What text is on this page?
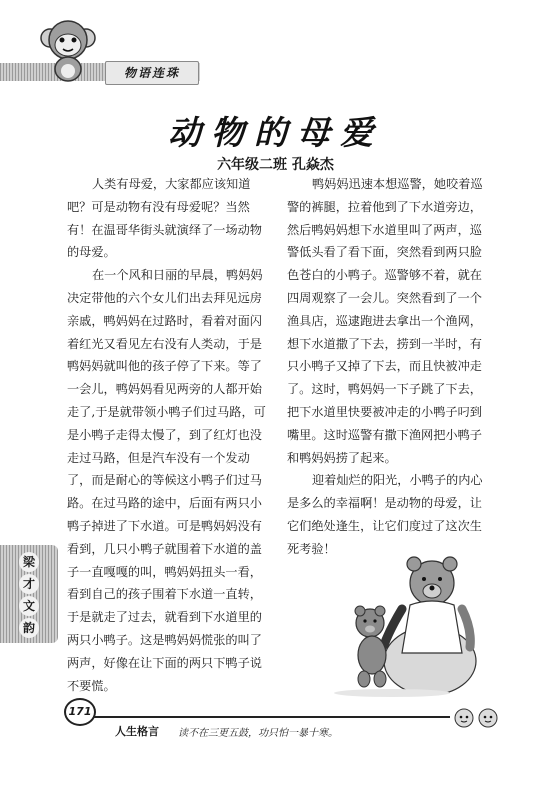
物语连珠
动物的母爱
六年级二班 孔焱杰

人类有母爱，大家都应该知道

吧？可是动物有没有母爱呢？当然

有！在温哥华街头就演绎了一场动物

的母爱。

在一个风和日丽的早晨，鸭妈妈

决定带他的六个女儿们出去拜见远房

亲戚，鸭妈妈在过路时，看着对面闪

着红光又看见左右没有人类动，于是

鸭妈妈就叫他的孩子停了下来。等了

一会儿，鸭妈妈看见两旁的人都开始

走了,于是就带领小鸭子们过马路，可

是小鸭子走得太慢了，到了红灯也没

走过马路，但是汽车没有一个发动

了，而是耐心的等候这小鸭子们过马

路。在过马路的途中，后面有两只小

鸭子掉进了下水道。可是鸭妈妈没有

看到，几只小鸭子就围着下水道的盖

子一直嘎嘎的叫，鸭妈妈扭头一看，

看到自己的孩子围着下水道一直转，

于是就走了过去，就看到下水道里的

两只小鸭子。这是鸭妈妈慌张的叫了

两声，好像在让下面的两只下鸭子说

不要慌。

鸭妈妈迅速本想巡警，她咬着巡

警的裤腿，拉着他到了下水道旁边，

然后鸭妈妈想下水道里叫了两声，巡

警低头看了看下面，突然看到两只脸

色苍白的小鸭子。巡警够不着，就在

四周观察了一会儿。突然看到了一个

渔具店，巡逮跑进去拿出一个渔网，

想下水道撒了下去，捞到一半时，有

只小鸭子又掉了下去，而且快被冲走

了。这时，鸭妈妈一下子跳了下去，

把下水道里快要被冲走的小鸭子叼到

嘴里。这时巡警有撒下渔网把小鸭子

和鸭妈妈捞了起来。

迎着灿烂的阳光，小鸭子的内心

是多么的幸福啊！是动物的母爱，让

它们绝处逢生，让它们度过了这次生

死考验！

梁
才
文
韵
171
人生格言 读不在三更五鼓，功只怕一暴十寒。
